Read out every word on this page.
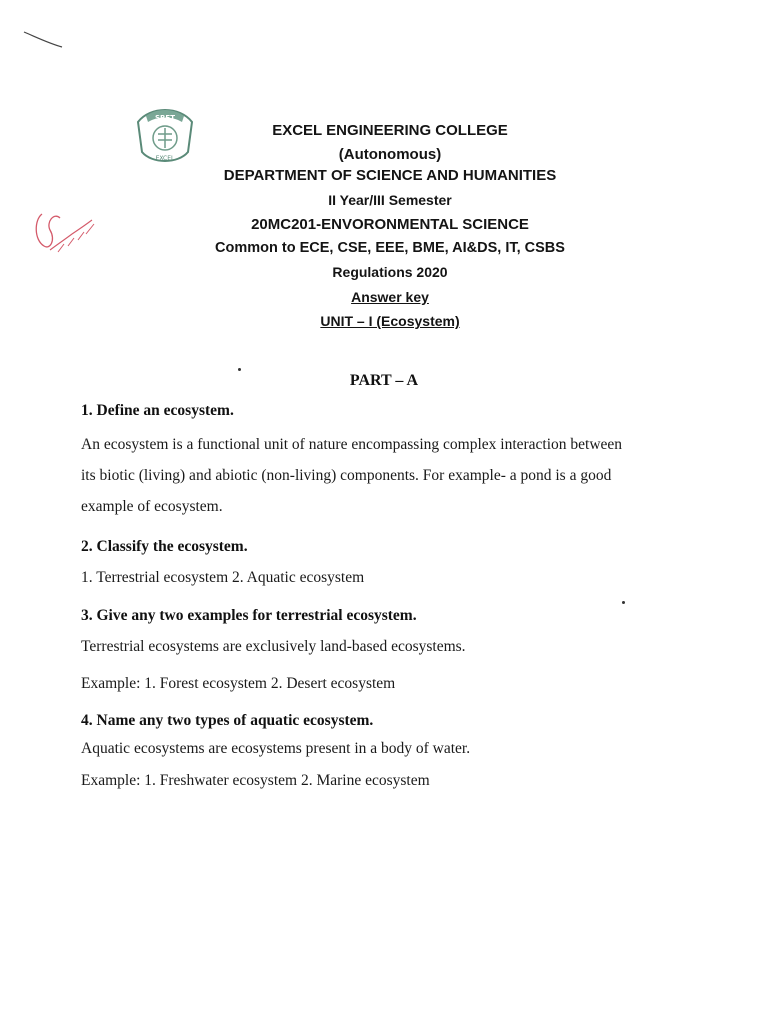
SRET
EXCEL
EXCEL ENGINEERING COLLEGE
(Autonomous)
DEPARTMENT OF SCIENCE AND HUMANITIES
II Year/III Semester
20MC201-ENVORONMENTAL SCIENCE
Common to ECE, CSE, EEE, BME, AI&DS, IT, CSBS
Regulations 2020
Answer key
UNIT – I (Ecosystem)
PART – A
1. Define an ecosystem.
An ecosystem is a functional unit of nature encompassing complex interaction between
its biotic (living) and abiotic (non-living) components. For example- a pond is a good
example of ecosystem.
2. Classify the ecosystem.
1. Terrestrial ecosystem 2. Aquatic ecosystem
3. Give any two examples for terrestrial ecosystem.
Terrestrial ecosystems are exclusively land-based ecosystems.
Example: 1. Forest ecosystem 2. Desert ecosystem
4. Name any two types of aquatic ecosystem.
Aquatic ecosystems are ecosystems present in a body of water.
Example: 1. Freshwater ecosystem 2. Marine ecosystem
